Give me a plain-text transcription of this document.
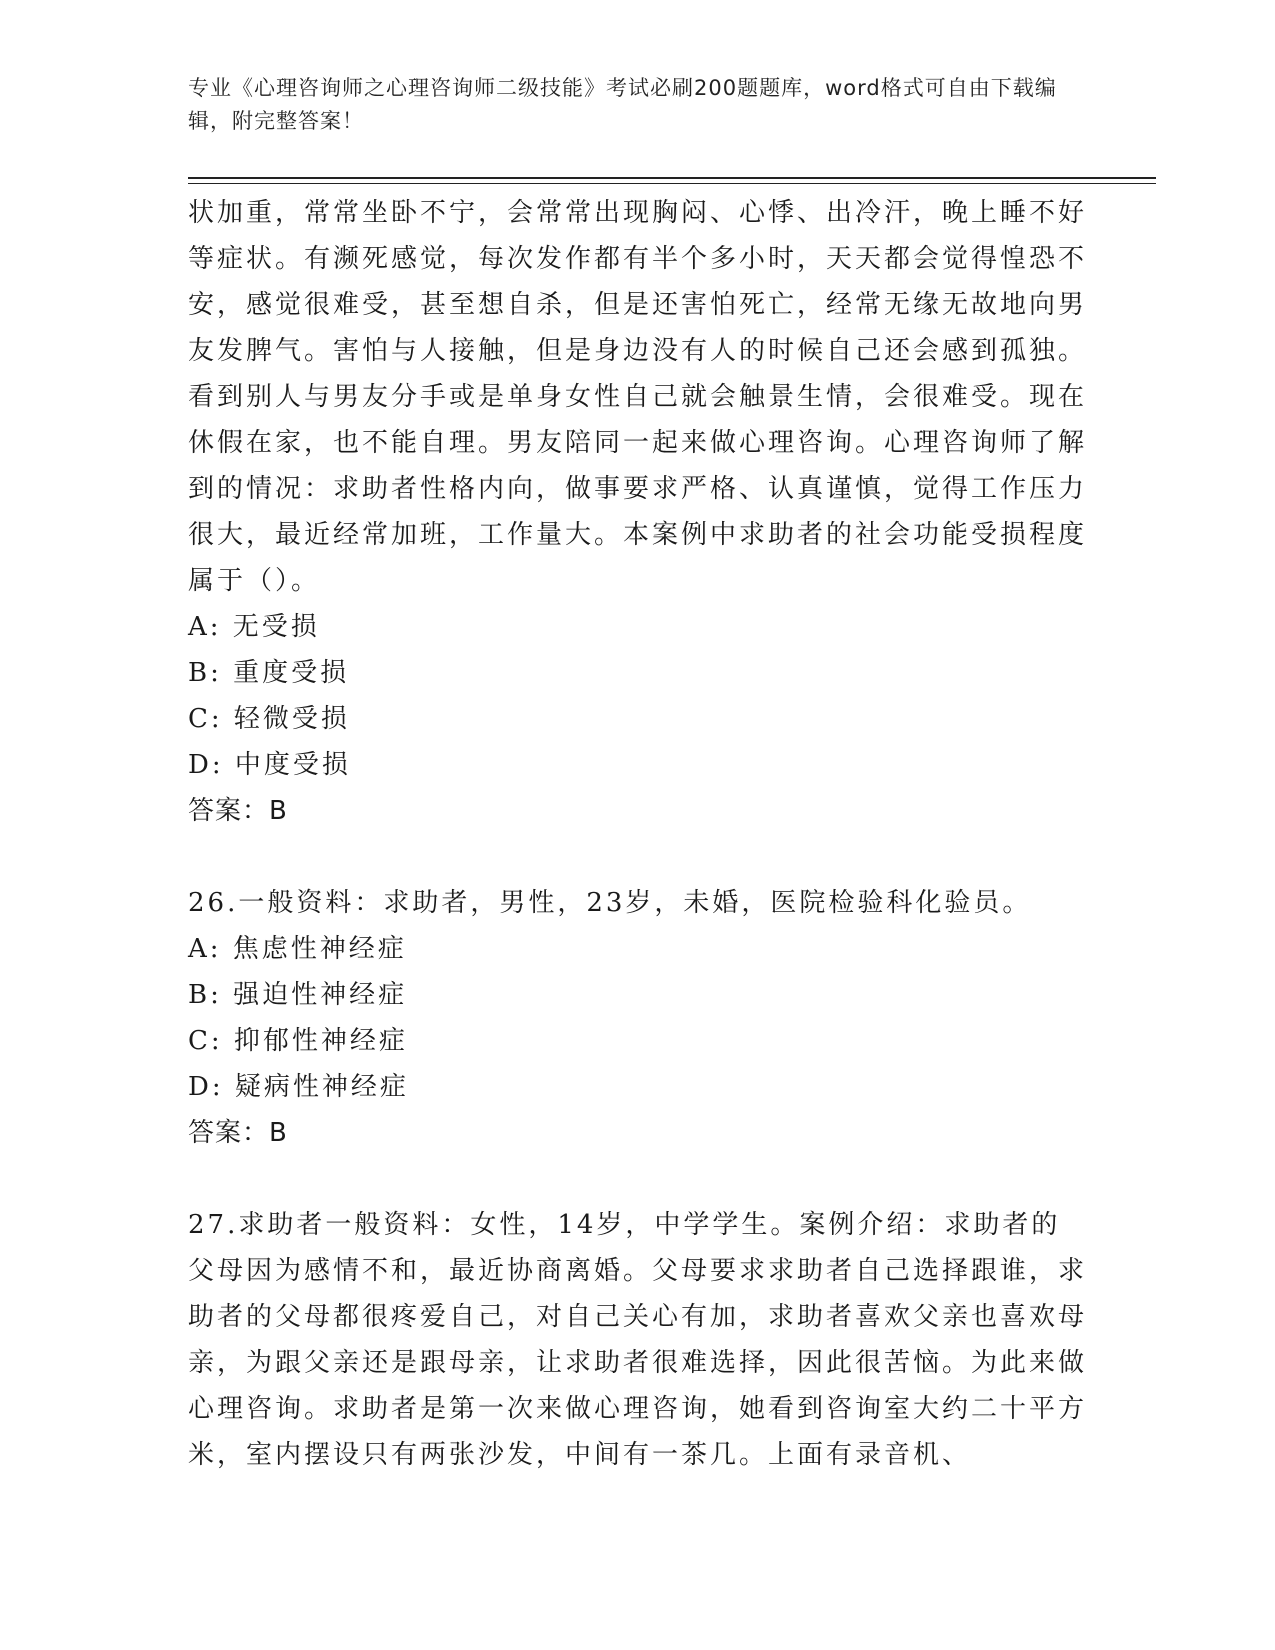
专业《心理咨询师之心理咨询师二级技能》考试必刷200题题库，word格式可自由下载编辑，附完整答案！

状加重，常常坐卧不宁，会常常出现胸闷、心悸、出冷汗，晚上睡不好等症状。有濒死感觉，每次发作都有半个多小时，天天都会觉得惶恐不安，感觉很难受，甚至想自杀，但是还害怕死亡，经常无缘无故地向男友发脾气。害怕与人接触，但是身边没有人的时候自己还会感到孤独。看到别人与男友分手或是单身女性自己就会触景生情，会很难受。现在休假在家，也不能自理。男友陪同一起来做心理咨询。心理咨询师了解到的情况：求助者性格内向，做事要求严格、认真谨慎，觉得工作压力很大，最近经常加班，工作量大。本案例中求助者的社会功能受损程度属于（）。

A: 无受损

B: 重度受损

C: 轻微受损

D: 中度受损

答案：B

26.一般资料：求助者，男性，23岁，未婚，医院检验科化验员。

A: 焦虑性神经症

B: 强迫性神经症

C: 抑郁性神经症

D: 疑病性神经症

答案：B

27.求助者一般资料：女性，14岁，中学学生。案例介绍：求助者的父母因为感情不和，最近协商离婚。父母要求求助者自己选择跟谁，求助者的父母都很疼爱自己，对自己关心有加，求助者喜欢父亲也喜欢母亲，为跟父亲还是跟母亲，让求助者很难选择，因此很苦恼。为此来做心理咨询。求助者是第一次来做心理咨询，她看到咨询室大约二十平方米，室内摆设只有两张沙发，中间有一茶几。上面有录音机、
